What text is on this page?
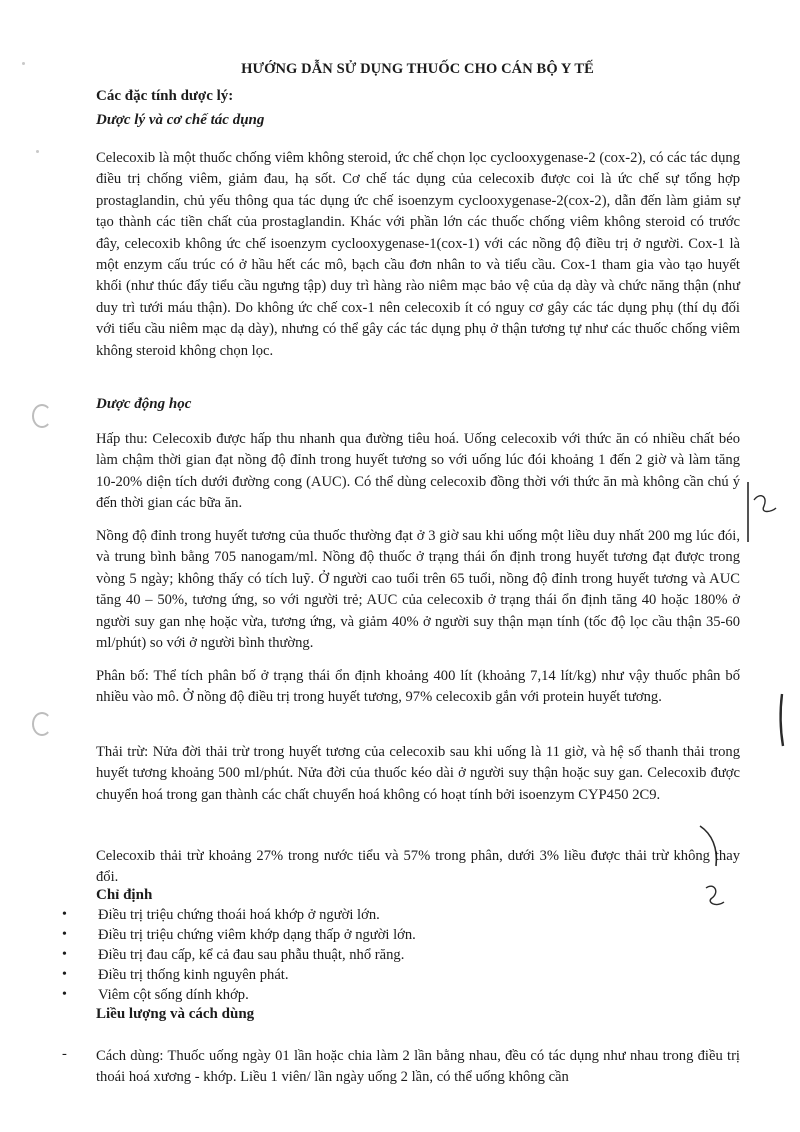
HƯỚNG DẪN SỬ DỤNG THUỐC CHO CÁN BỘ Y TẾ
Các đặc tính dược lý:
Dược lý và cơ chế tác dụng

Celecoxib là một thuốc chống viêm không steroid, ức chế chọn lọc cyclooxygenase-2 (cox-2), có các tác dụng điều trị chống viêm, giảm đau, hạ sốt. Cơ chế tác dụng của celecoxib được coi là ức chế sự tổng hợp prostaglandin, chủ yếu thông qua tác dụng ức chế isoenzym cyclooxygenase-2(cox-2), dẫn đến làm giảm sự tạo thành các tiền chất của prostaglandin. Khác với phần lớn các thuốc chống viêm không steroid có trước đây, celecoxib không ức chế isoenzym cyclooxygenase-1(cox-1) với các nồng độ điều trị ở người. Cox-1 là một enzym cấu trúc có ở hầu hết các mô, bạch cầu đơn nhân to và tiểu cầu. Cox-1 tham gia vào tạo huyết khối (như thúc đẩy tiểu cầu ngưng tập) duy trì hàng rào niêm mạc bảo vệ của dạ dày và chức năng thận (như duy trì tưới máu thận). Do không ức chế cox-1 nên celecoxib ít có nguy cơ gây các tác dụng phụ (thí dụ đối với tiểu cầu niêm mạc dạ dày), nhưng có thể gây các tác dụng phụ ở thận tương tự như các thuốc chống viêm không steroid không chọn lọc.

Dược động học

Hấp thu: Celecoxib được hấp thu nhanh qua đường tiêu hoá. Uống celecoxib với thức ăn có nhiều chất béo làm chậm thời gian đạt nồng độ đỉnh trong huyết tương so với uống lúc đói khoảng 1 đến 2 giờ và làm tăng 10-20% diện tích dưới đường cong (AUC). Có thể dùng celecoxib đồng thời với thức ăn mà không cần chú ý đến thời gian các bữa ăn.

Nồng độ đỉnh trong huyết tương của thuốc thường đạt ở 3 giờ sau khi uống một liều duy nhất 200 mg lúc đói, và trung bình bằng 705 nanogam/ml. Nồng độ thuốc ở trạng thái ổn định trong huyết tương đạt được trong vòng 5 ngày; không thấy có tích luỹ. Ở người cao tuổi trên 65 tuổi, nồng độ đỉnh trong huyết tương và AUC tăng 40 – 50%, tương ứng, so với người trẻ; AUC của celecoxib ở trạng thái ổn định tăng 40 hoặc 180% ở người suy gan nhẹ hoặc vừa, tương ứng, và giảm 40% ở người suy thận mạn tính (tốc độ lọc cầu thận 35-60 ml/phút) so với ở người bình thường.

Phân bố: Thể tích phân bố ở trạng thái ổn định khoảng 400 lít (khoảng 7,14 lít/kg) như vậy thuốc phân bố nhiều vào mô. Ở nồng độ điều trị trong huyết tương, 97% celecoxib gắn với protein huyết tương.

Thải trừ: Nửa đời thải trừ trong huyết tương của celecoxib sau khi uống là 11 giờ, và hệ số thanh thải trong huyết tương khoảng 500 ml/phút. Nửa đời của thuốc kéo dài ở người suy thận hoặc suy gan. Celecoxib được chuyển hoá trong gan thành các chất chuyển hoá không có hoạt tính bởi isoenzym CYP450 2C9.

Celecoxib thải trừ khoảng 27% trong nước tiểu và 57% trong phân, dưới 3% liều được thải trừ không thay đổi.

Chỉ định
• Điều trị triệu chứng thoái hoá khớp ở người lớn.
• Điều trị triệu chứng viêm khớp dạng thấp ở người lớn.
• Điều trị đau cấp, kể cả đau sau phẫu thuật, nhổ răng.
• Điều trị thống kinh nguyên phát.
• Viêm cột sống dính khớp.
Liều lượng và cách dùng
- Cách dùng: Thuốc uống ngày 01 lần hoặc chia làm 2 lần bằng nhau, đều có tác dụng như nhau trong điều trị thoái hoá xương - khớp. Liều 1 viên/ lần ngày uống 2 lần, có thể uống không cần
